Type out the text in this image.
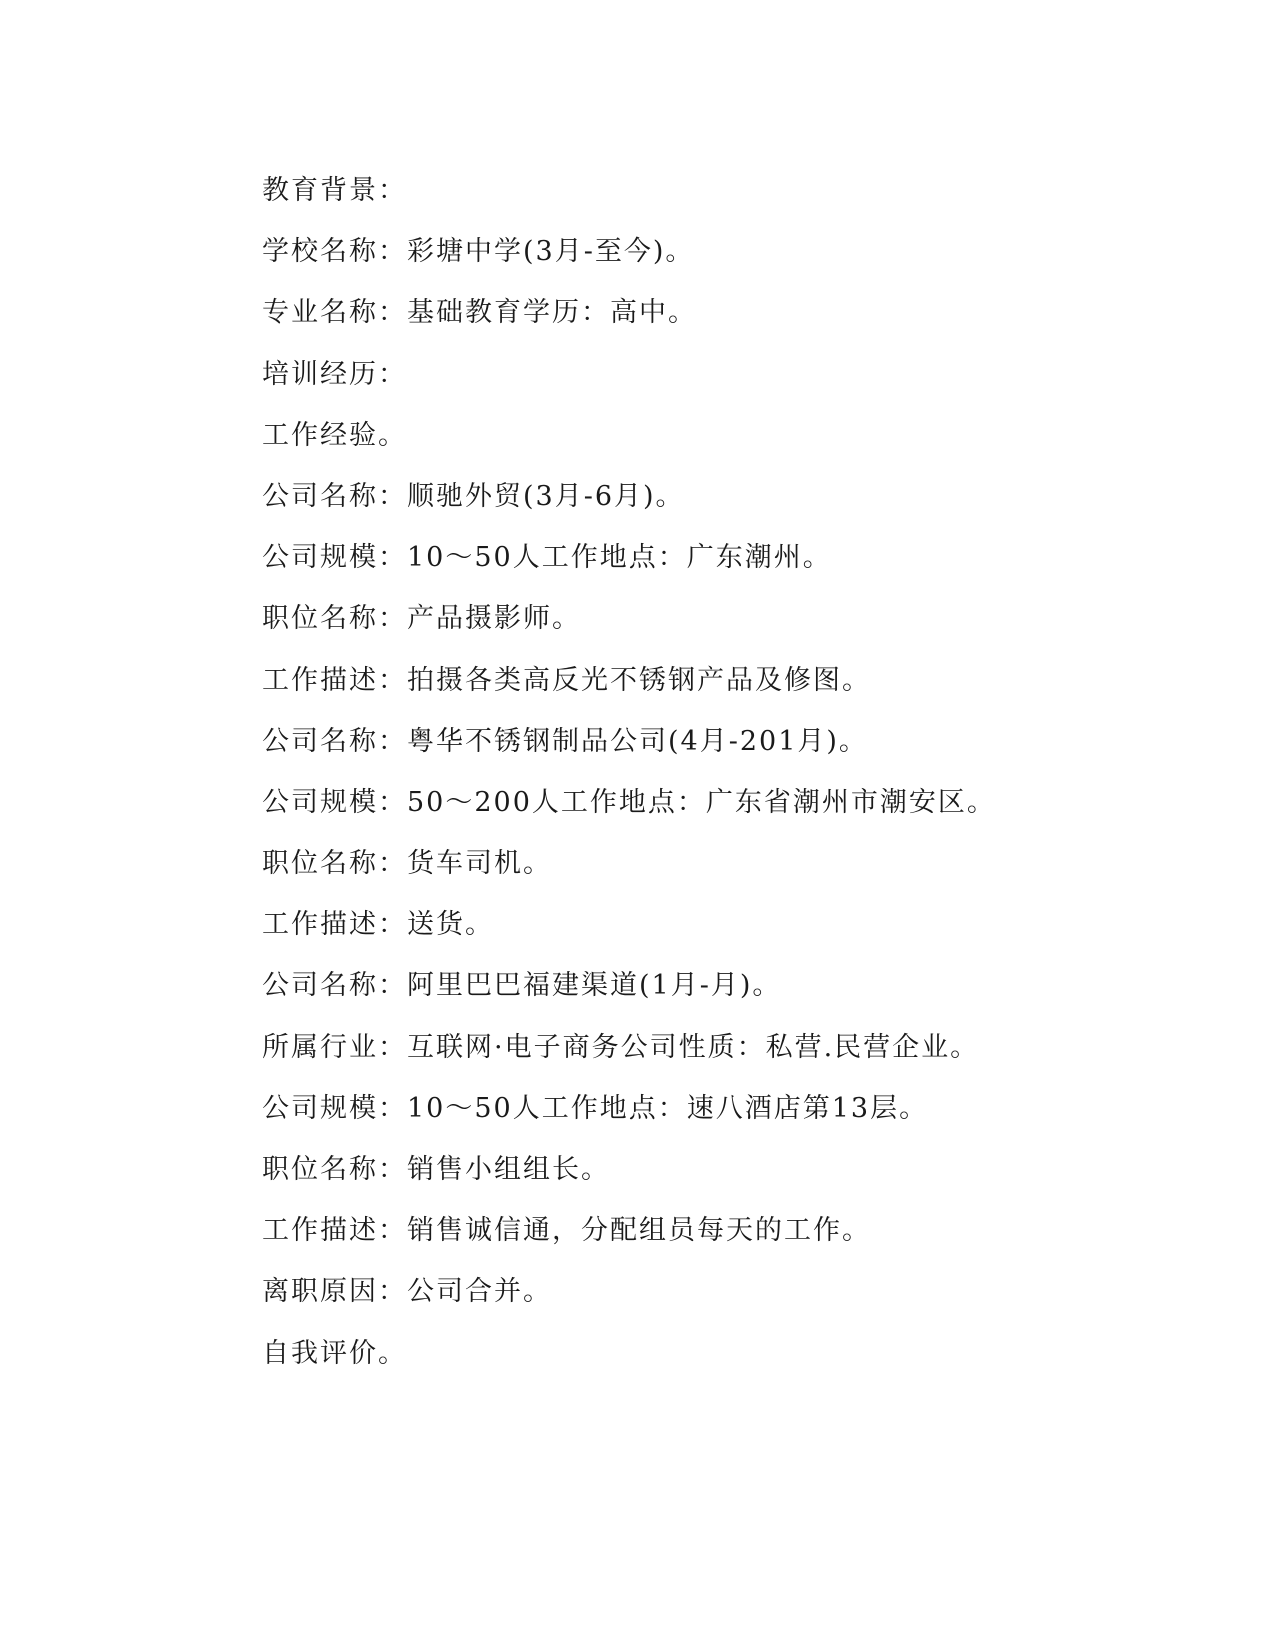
教育背景：
学校名称：彩塘中学(3月-至今)。
专业名称：基础教育学历：高中。
培训经历：
工作经验。
公司名称：顺驰外贸(3月-6月)。
公司规模：10～50人工作地点：广东潮州。
职位名称：产品摄影师。
工作描述：拍摄各类高反光不锈钢产品及修图。
公司名称：粤华不锈钢制品公司(4月-201月)。
公司规模：50～200人工作地点：广东省潮州市潮安区。
职位名称：货车司机。
工作描述：送货。
公司名称：阿里巴巴福建渠道(1月-月)。
所属行业：互联网·电子商务公司性质：私营.民营企业。
公司规模：10～50人工作地点：速八酒店第13层。
职位名称：销售小组组长。
工作描述：销售诚信通，分配组员每天的工作。
离职原因：公司合并。
自我评价。
